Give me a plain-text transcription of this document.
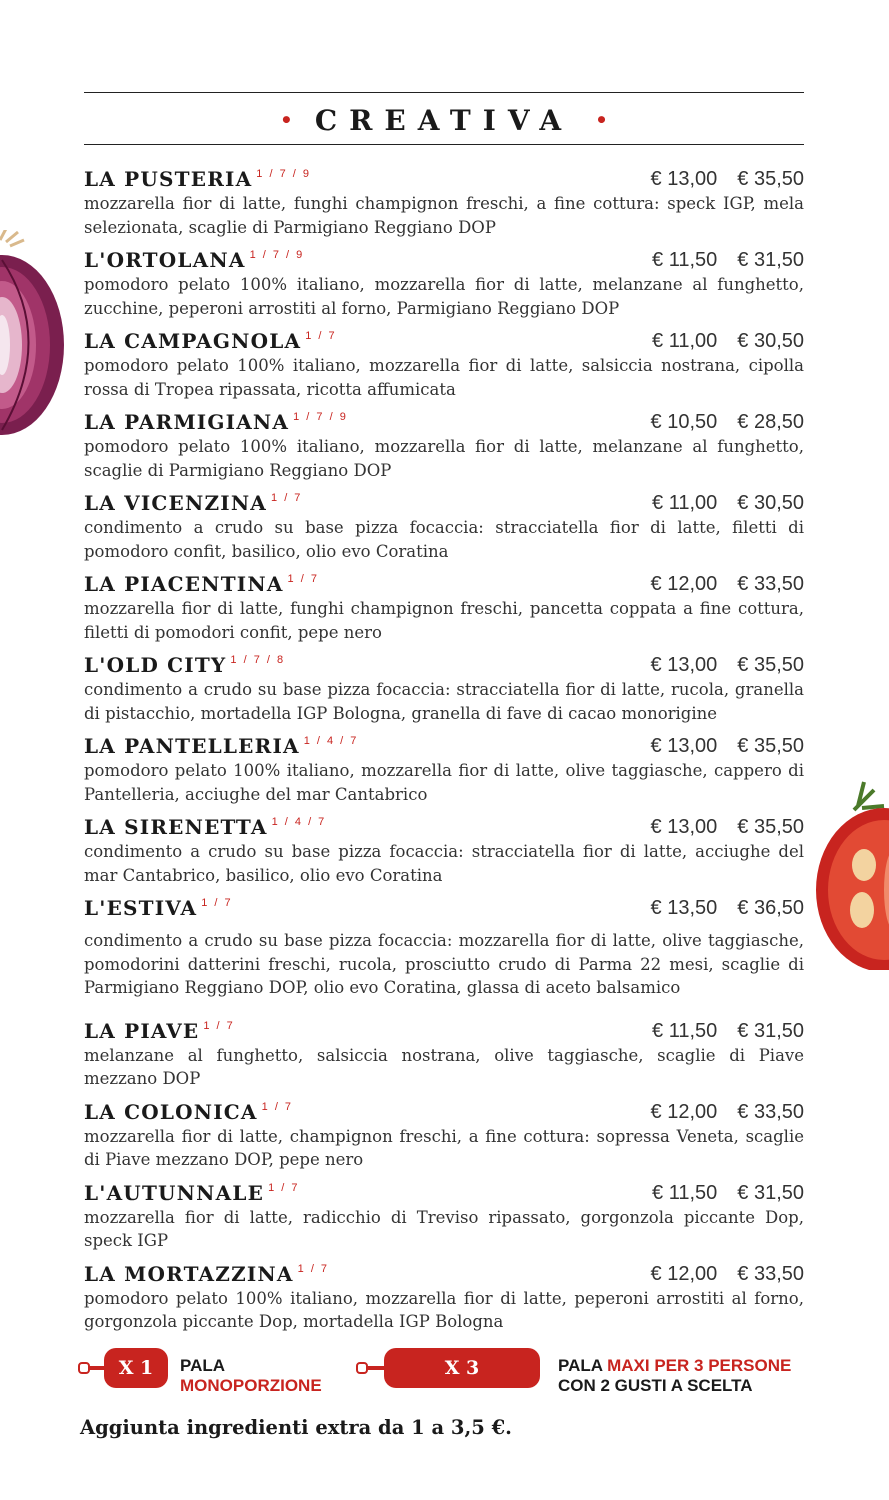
• CREATIVA •
LA PUSTERIA $^{1 / 7 / 9}$	€ 13,00 € 35,50
mozzarella fior di latte, funghi champignon freschi, a fine cottura: speck IGP, mela selezionata, scaglie di Parmigiano Reggiano DOP
L'ORTOLANA $^{1 / 7 / 9}$	€ 11,50 € 31,50
pomodoro pelato 100% italiano, mozzarella fior di latte, melanzane al funghetto, zucchine, peperoni arrostiti al forno, Parmigiano Reggiano DOP
LA CAMPAGNOLA $^{1 / 7}$	€ 11,00 € 30,50
pomodoro pelato 100% italiano, mozzarella fior di latte, salsiccia nostrana, cipolla rossa di Tropea ripassata, ricotta affumicata
LA PARMIGIANA $^{1 / 7 / 9}$	€ 10,50 € 28,50
pomodoro pelato 100% italiano, mozzarella fior di latte, melanzane al funghetto, scaglie di Parmigiano Reggiano DOP
LA VICENZINA $^{1 / 7}$	€ 11,00 € 30,50
condimento a crudo su base pizza focaccia: stracciatella fior di latte, filetti di pomodoro confit, basilico, olio evo Coratina
LA PIACENTINA $^{1 / 7}$	€ 12,00 € 33,50
mozzarella fior di latte, funghi champignon freschi, pancetta coppata a fine cottura, filetti di pomodori confit, pepe nero
L'OLD CITY $^{1 / 7 / 8}$	€ 13,00 € 35,50
condimento a crudo su base pizza focaccia: stracciatella fior di latte, rucola, granella di pistacchio, mortadella IGP Bologna, granella di fave di cacao monorigine
LA PANTELLERIA $^{1 / 4 / 7}$	€ 13,00 € 35,50
pomodoro pelato 100% italiano, mozzarella fior di latte, olive taggiasche, cappero di Pantelleria, acciughe del mar Cantabrico
LA SIRENETTA $^{1 / 4 / 7}$	€ 13,00 € 35,50
condimento a crudo su base pizza focaccia: stracciatella fior di latte, acciughe del mar Cantabrico, basilico, olio evo Coratina
L'ESTIVA $^{1 / 7}$	€ 13,50 € 36,50
condimento a crudo su base pizza focaccia: mozzarella fior di latte, olive taggiasche, pomodorini datterini freschi, rucola, prosciutto crudo di Parma 22 mesi, scaglie di Parmigiano Reggiano DOP, olio evo Coratina, glassa di aceto balsamico
LA PIAVE $^{1 / 7}$	€ 11,50 € 31,50
melanzane al funghetto, salsiccia nostrana, olive taggiasche, scaglie di Piave mezzano DOP
LA COLONICA $^{1 / 7}$	€ 12,00 € 33,50
mozzarella fior di latte, champignon freschi, a fine cottura: sopressa Veneta, scaglie di Piave mezzano DOP, pepe nero
L'AUTUNNALE $^{1 / 7}$	€ 11,50 € 31,50
mozzarella fior di latte, radicchio di Treviso ripassato, gorgonzola piccante Dop, speck IGP
LA MORTAZZINA $^{1 / 7}$	€ 12,00 € 33,50
pomodoro pelato 100% italiano, mozzarella fior di latte, peperoni arrostiti al forno, gorgonzola piccante Dop, mortadella IGP Bologna
X 1	PALA
MONOPORZIONE
X 3	PALA MAXI PER 3 PERSONE
CON 2 GUSTI A SCELTA
Aggiunta ingredienti extra da 1 a 3,5 €.
